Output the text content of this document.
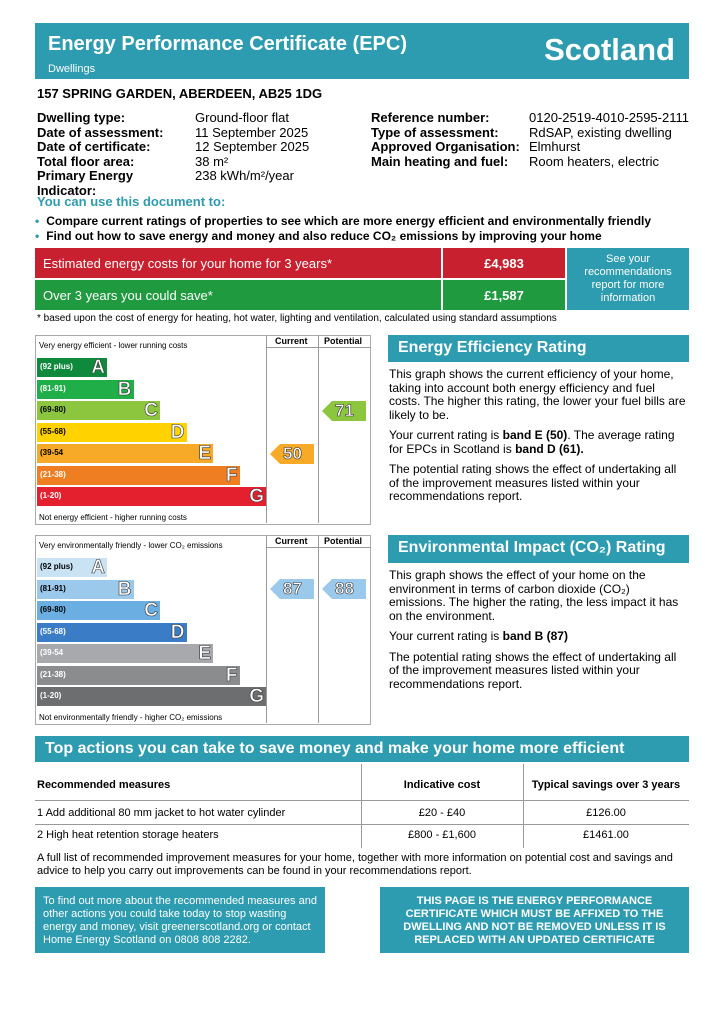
Energy Performance Certificate (EPC)
Dwellings
Scotland
157 SPRING GARDEN, ABERDEEN, AB25 1DG
Dwelling type:	Ground-floor flat
Date of assessment:	11 September 2025
Date of certificate:	12 September 2025
Total floor area:	38 m²
Primary Energy Indicator:
238 kWh/m²/year
Reference number:	0120-2519-4010-2595-2111
Type of assessment:	RdSAP, existing dwelling
Approved Organisation: Elmhurst
Main heating and fuel:	Room heaters, electric
You can use this document to:
• Compare current ratings of properties to see which are more energy efficient and environmentally friendly
• Find out how to save energy and money and also reduce CO₂ emissions by improving your home
Estimated energy costs for your home for 3 years*	£4,983
Over 3 years you could save*	£1,587
See your recommendations report for more information
* based upon the cost of energy for heating, hot water, lighting and ventilation, calculated using standard assumptions
Current Potential
Very energy efficient - lower running costs
Not energy efficient - higher running costs
(92 plus) A
(81-91)	B
(69-80)	C
(55-68)	D
(39-54	E
(21-38)	F
(1-20)	G
50
71
Energy Efficiency Rating

This graph shows the current efficiency of your home, taking into account both energy efficiency and fuel costs. The higher this rating, the lower your fuel bills are likely to be.

Your current rating is band E (50). The average rating for EPCs in Scotland is band D (61).

The potential rating shows the effect of undertaking all of the improvement measures listed within your recommendations report.

Current Potential
Very environmentally friendly - lower CO₂ emissions
Not environmentally friendly - higher CO₂ emissions
(92 plus) A
(81-91)	B
(69-80)	C
(55-68)	D
(39-54	E
(21-38)	F
(1-20)	G
87 88
Environmental Impact (CO₂) Rating

This graph shows the effect of your home on the environment in terms of carbon dioxide (CO₂) emissions. The higher the rating, the less impact it has on the environment.

Your current rating is band B (87)

The potential rating shows the effect of undertaking all of the improvement measures listed within your recommendations report.

Top actions you can take to save money and make your home more efficient
Recommended measures	Indicative cost	Typical savings over 3 years
1 Add additional 80 mm jacket to hot water cylinder	£20 - £40	£126.00
2 High heat retention storage heaters	£800 - £1,600	£1461.00
A full list of recommended improvement measures for your home, together with more information on potential cost and savings and advice to help you carry out improvements can be found in your recommendations report.
To find out more about the recommended measures and other actions you could take today to stop wasting energy and money, visit greenerscotland.org or contact Home Energy Scotland on 0808 808 2282.
THIS PAGE IS THE ENERGY PERFORMANCE CERTIFICATE WHICH MUST BE AFFIXED TO THE DWELLING AND NOT BE REMOVED UNLESS IT IS REPLACED WITH AN UPDATED CERTIFICATE
